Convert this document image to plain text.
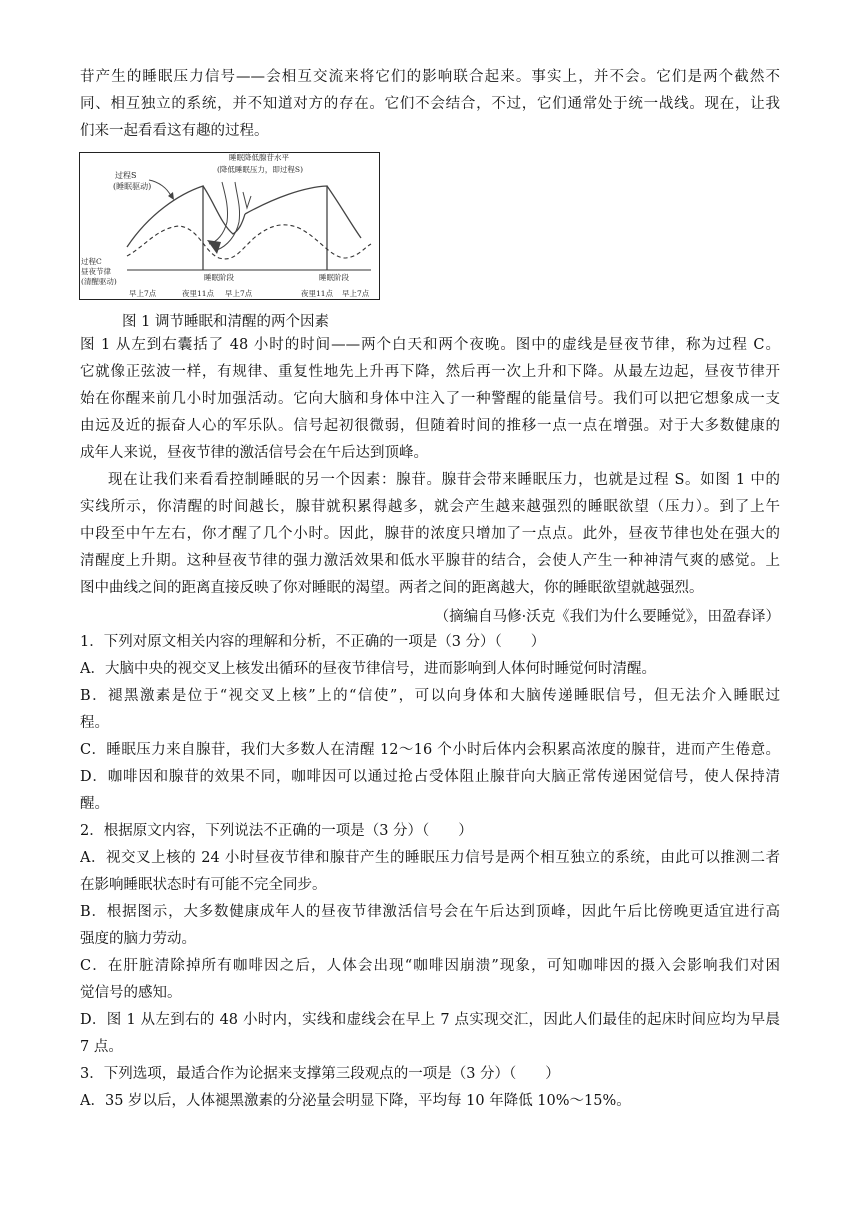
苷产生的睡眠压力信号——会相互交流来将它们的影响联合起来。事实上，并不会。它们是两个截然不
同、相互独立的系统，并不知道对方的存在。它们不会结合，不过，它们通常处于统一战线。现在，让我
们来一起看看这有趣的过程。
过程S
(睡眠驱动)
睡眠降低腺苷水平
(降低睡眠压力，即过程S)
过程C
昼夜节律
(清醒驱动)	睡眠阶段	睡眠阶段
早上7点	夜里11点 早上7点	夜里11点 早上7点
图 1 调节睡眠和清醒的两个因素
图 1 从左到右囊括了 48 小时的时间——两个白天和两个夜晚。图中的虚线是昼夜节律，称为过程 C。
它就像正弦波一样，有规律、重复性地先上升再下降，然后再一次上升和下降。从最左边起，昼夜节律开
始在你醒来前几小时加强活动。它向大脑和身体中注入了一种警醒的能量信号。我们可以把它想象成一支
由远及近的振奋人心的军乐队。信号起初很微弱，但随着时间的推移一点一点在增强。对于大多数健康的
成年人来说，昼夜节律的激活信号会在午后达到顶峰。
现在让我们来看看控制睡眠的另一个因素：腺苷。腺苷会带来睡眠压力，也就是过程 S。如图 1 中的
实线所示，你清醒的时间越长，腺苷就积累得越多，就会产生越来越强烈的睡眠欲望（压力）。到了上午
中段至中午左右，你才醒了几个小时。因此，腺苷的浓度只增加了一点点。此外，昼夜节律也处在强大的
清醒度上升期。这种昼夜节律的强力激活效果和低水平腺苷的结合，会使人产生一种神清气爽的感觉。上
图中曲线之间的距离直接反映了你对睡眠的渴望。两者之间的距离越大，你的睡眠欲望就越强烈。
（摘编自马修·沃克《我们为什么要睡觉》，田盈春译）
1．下列对原文相关内容的理解和分析，不正确的一项是（3 分）（　　）
A．大脑中央的视交叉上核发出循环的昼夜节律信号，进而影响到人体何时睡觉何时清醒。
B．褪黑激素是位于“视交叉上核”上的“信使”，可以向身体和大脑传递睡眠信号，但无法介入睡眠过
程。
C．睡眠压力来自腺苷，我们大多数人在清醒 12～16 个小时后体内会积累高浓度的腺苷，进而产生倦意。
D．咖啡因和腺苷的效果不同，咖啡因可以通过抢占受体阻止腺苷向大脑正常传递困觉信号，使人保持清
醒。
2．根据原文内容，下列说法不正确的一项是（3 分）（　　）
A．视交叉上核的 24 小时昼夜节律和腺苷产生的睡眠压力信号是两个相互独立的系统，由此可以推测二者
在影响睡眠状态时有可能不完全同步。
B．根据图示，大多数健康成年人的昼夜节律激活信号会在午后达到顶峰，因此午后比傍晚更适宜进行高
强度的脑力劳动。
C．在肝脏清除掉所有咖啡因之后，人体会出现“咖啡因崩溃”现象，可知咖啡因的摄入会影响我们对困
觉信号的感知。
D．图 1 从左到右的 48 小时内，实线和虚线会在早上 7 点实现交汇，因此人们最佳的起床时间应均为早晨
7 点。
3．下列选项，最适合作为论据来支撑第三段观点的一项是（3 分）（　　）
A．35 岁以后，人体褪黑激素的分泌量会明显下降，平均每 10 年降低 10%～15%。
